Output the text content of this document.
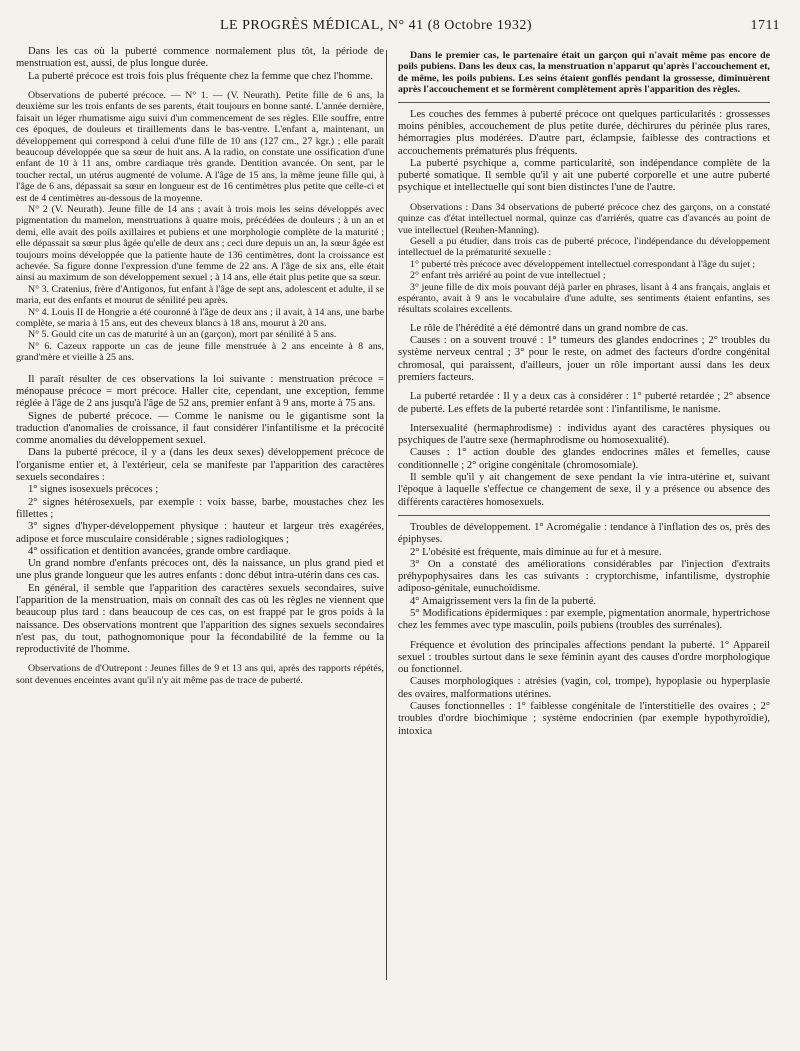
LE PROGRÈS MÉDICAL, N° 41 (8 Octobre 1932)	1711

Dans les cas où la puberté commence normalement plus tôt, la période de menstruation est, aussi, de plus longue durée.

La puberté précoce est trois fois plus fréquente chez la femme que chez l'homme.

Observations de puberté précoce. — N° 1. — (V. Neurath). Petite fille de 6 ans, la deuxième sur les trois enfants de ses parents, était toujours en bonne santé. L'année dernière, faisait un léger rhumatisme aigu suivi d'un commencement de ses règles. Elle souffre, entre ces époques, de douleurs et tiraillements dans le bas-ventre. L'enfant a, maintenant, un développement qui correspond à celui d'une fille de 10 ans (127 cm., 27 kgr.) ; elle paraît beaucoup développée que sa sœur de huit ans. A la radio, on constate une ossification d'une enfant de 10 à 11 ans, ombre cardiaque très grande. Dentition avancée. On sent, par le toucher rectal, un utérus augmenté de volume. A l'âge de 15 ans, la même jeune fille qui, à l'âge de 6 ans, dépassait sa sœur en longueur est de 16 centimètres plus petite que celle-ci et est de 4 centimètres au-dessous de la moyenne.

N° 2 (V. Neurath). Jeune fille de 14 ans ; avait à trois mois les seins développés avec pigmentation du mamelon, menstruations à quatre mois, précédées de douleurs ; à un an et demi, elle avait des poils axillaires et pubiens et une morphologie complète de la maturité ; elle dépassait sa sœur plus âgée qu'elle de deux ans ; ceci dure depuis un an, la sœur âgée est toujours moins développée que la patiente haute de 136 centimètres, dont la croissance est achevée. Sa figure donne l'expression d'une femme de 22 ans. A l'âge de six ans, elle était ainsi au maximum de son développement sexuel ; à 14 ans, elle était plus petite que sa sœur.

N° 3. Cratenius, frère d'Antigonos, fut enfant à l'âge de sept ans, adolescent et adulte, il se maria, eut des enfants et mourut de sénilité peu après.

N° 4. Louis II de Hongrie a été couronné à l'âge de deux ans ; il avait, à 14 ans, une barbe complète, se maria à 15 ans, eut des cheveux blancs à 18 ans, mourut à 20 ans.

N° 5. Gould cite un cas de maturité à un an (garçon), mort par sénilité à 5 ans.

N° 6. Cazeux rapporte un cas de jeune fille menstruée à 2 ans enceinte à 8 ans, grand'mère et vieille à 25 ans.

Il paraît résulter de ces observations la loi suivante : menstruation précoce = ménopause précoce = mort précoce. Haller cite, cependant, une exception, femme réglée à l'âge de 2 ans jusqu'à l'âge de 52 ans, premier enfant à 9 ans, morte à 75 ans.

Signes de puberté précoce. — Comme le nanisme ou le gigantisme sont la traduction d'anomalies de croissance, il faut considérer l'infantilisme et la précocité comme anomalies du développement sexuel.

Dans la puberté précoce, il y a (dans les deux sexes) développement précoce de l'organisme entier et, à l'extérieur, cela se manifeste par l'apparition des caractères sexuels secondaires :

1° signes isosexuels précoces ;

2° signes hétérosexuels, par exemple : voix basse, barbe, moustaches chez les fillettes ;

3° signes d'hyper-développement physique : hauteur et largeur très exagérées, adipose et force musculaire considérable ; signes radiologiques ;

4° ossification et dentition avancées, grande ombre cardiaque.

Un grand nombre d'enfants précoces ont, dès la naissance, un plus grand pied et une plus grande longueur que les autres enfants : donc début intra-utérin dans ces cas.

En général, il semble que l'apparition des caractères sexuels secondaires, suive l'apparition de la menstruation, mais on connaît des cas où les règles ne viennent que beaucoup plus tard : dans beaucoup de ces cas, on est frappé par le gros poids à la naissance. Des observations montrent que l'apparition des signes sexuels secondaires n'est pas, du tout, pathognomonique pour la fécondabilité de la femme ou la reproductivité de l'homme.

Observations de d'Outrepont : Jeunes filles de 9 et 13 ans qui, après des rapports répétés, sont devenues enceintes avant qu'il n'y ait même pas de trace de puberté.

Dans le premier cas, le partenaire était un garçon qui n'avait même pas encore de poils pubiens. Dans les deux cas, la menstruation n'apparut qu'après l'accouchement et, de même, les poils pubiens. Les seins étaient gonflés pendant la grossesse, diminuèrent après l'accouchement et se formèrent complètement après l'apparition des règles.

Les couches des femmes à puberté précoce ont quelques particularités : grossesses moins pénibles, accouchement de plus petite durée, déchirures du périnée plus rares, hémorragies plus modérées. D'autre part, éclampsie, faiblesse des contractions et accouchements prématurés plus fréquents.

La puberté psychique a, comme particularité, son indépendance complète de la puberté somatique. Il semble qu'il y ait une puberté corporelle et une autre puberté psychique et intellectuelle qui sont bien distinctes l'une de l'autre.

Observations : Dans 34 observations de puberté précoce chez des garçons, on a constaté quinze cas d'état intellectuel normal, quinze cas d'arriérés, quatre cas d'avancés au point de vue intellectuel (Reuhen-Manning).

Gesell a pu étudier, dans trois cas de puberté précoce, l'indépendance du développement intellectuel de la prématurité sexuelle :

1° puberté très précoce avec développement intellectuel correspondant à l'âge du sujet ;

2° enfant très arriéré au point de vue intellectuel ;

3° jeune fille de dix mois pouvant déjà parler en phrases, lisant à 4 ans français, anglais et espéranto, avait à 9 ans le vocabulaire d'une adulte, ses sentiments étaient enfantins, ses résultats scolaires excellents.

Le rôle de l'hérédité a été démontré dans un grand nombre de cas.

Causes : on a souvent trouvé : 1° tumeurs des glandes endocrines ; 2° troubles du système nerveux central ; 3° pour le reste, on admet des facteurs d'ordre congénital chromosal, qui paraissent, d'ailleurs, jouer un rôle important aussi dans les deux premiers facteurs.

La puberté retardée : Il y a deux cas à considérer : 1° puberté retardée ; 2° absence de puberté. Les effets de la puberté retardée sont : l'infantilisme, le nanisme.

Intersexualité (hermaphrodisme) : individus ayant des caractères physiques ou psychiques de l'autre sexe (hermaphrodisme ou homosexualité).

Causes : 1° action double des glandes endocrines mâles et femelles, cause conditionnelle ; 2° origine congénitale (chromosomiale).

Il semble qu'il y ait changement de sexe pendant la vie intra-utérine et, suivant l'époque à laquelle s'effectue ce changement de sexe, il y a présence ou absence des différents caractères homosexuels.

Troubles de développement. 1° Acromégalie : tendance à l'inflation des os, près des épiphyses.

2° L'obésité est fréquente, mais diminue au fur et à mesure.

3° On a constaté des améliorations considérables par l'injection d'extraits préhypophysaires dans les cas suivants : cryptorchisme, infantilisme, dystrophie adiposo-génitale, eunuchoïdisme.

4° Amaigrissement vers la fin de la puberté.

5° Modifications épidermiques : par exemple, pigmentation anormale, hypertrichose chez les femmes avec type masculin, poils pubiens (troubles des surrénales).

Fréquence et évolution des principales affections pendant la puberté. 1° Appareil sexuel : troubles surtout dans le sexe féminin ayant des causes d'ordre morphologique ou fonctionnel.

Causes morphologiques : atrésies (vagin, col, trompe), hypoplasie ou hyperplasie des ovaires, malformations utérines.

Causes fonctionnelles : 1° faiblesse congénitale de l'interstitielle des ovaires ; 2° troubles d'ordre biochimique ; système endocrinien (par exemple hypothyroïdie), intoxica
